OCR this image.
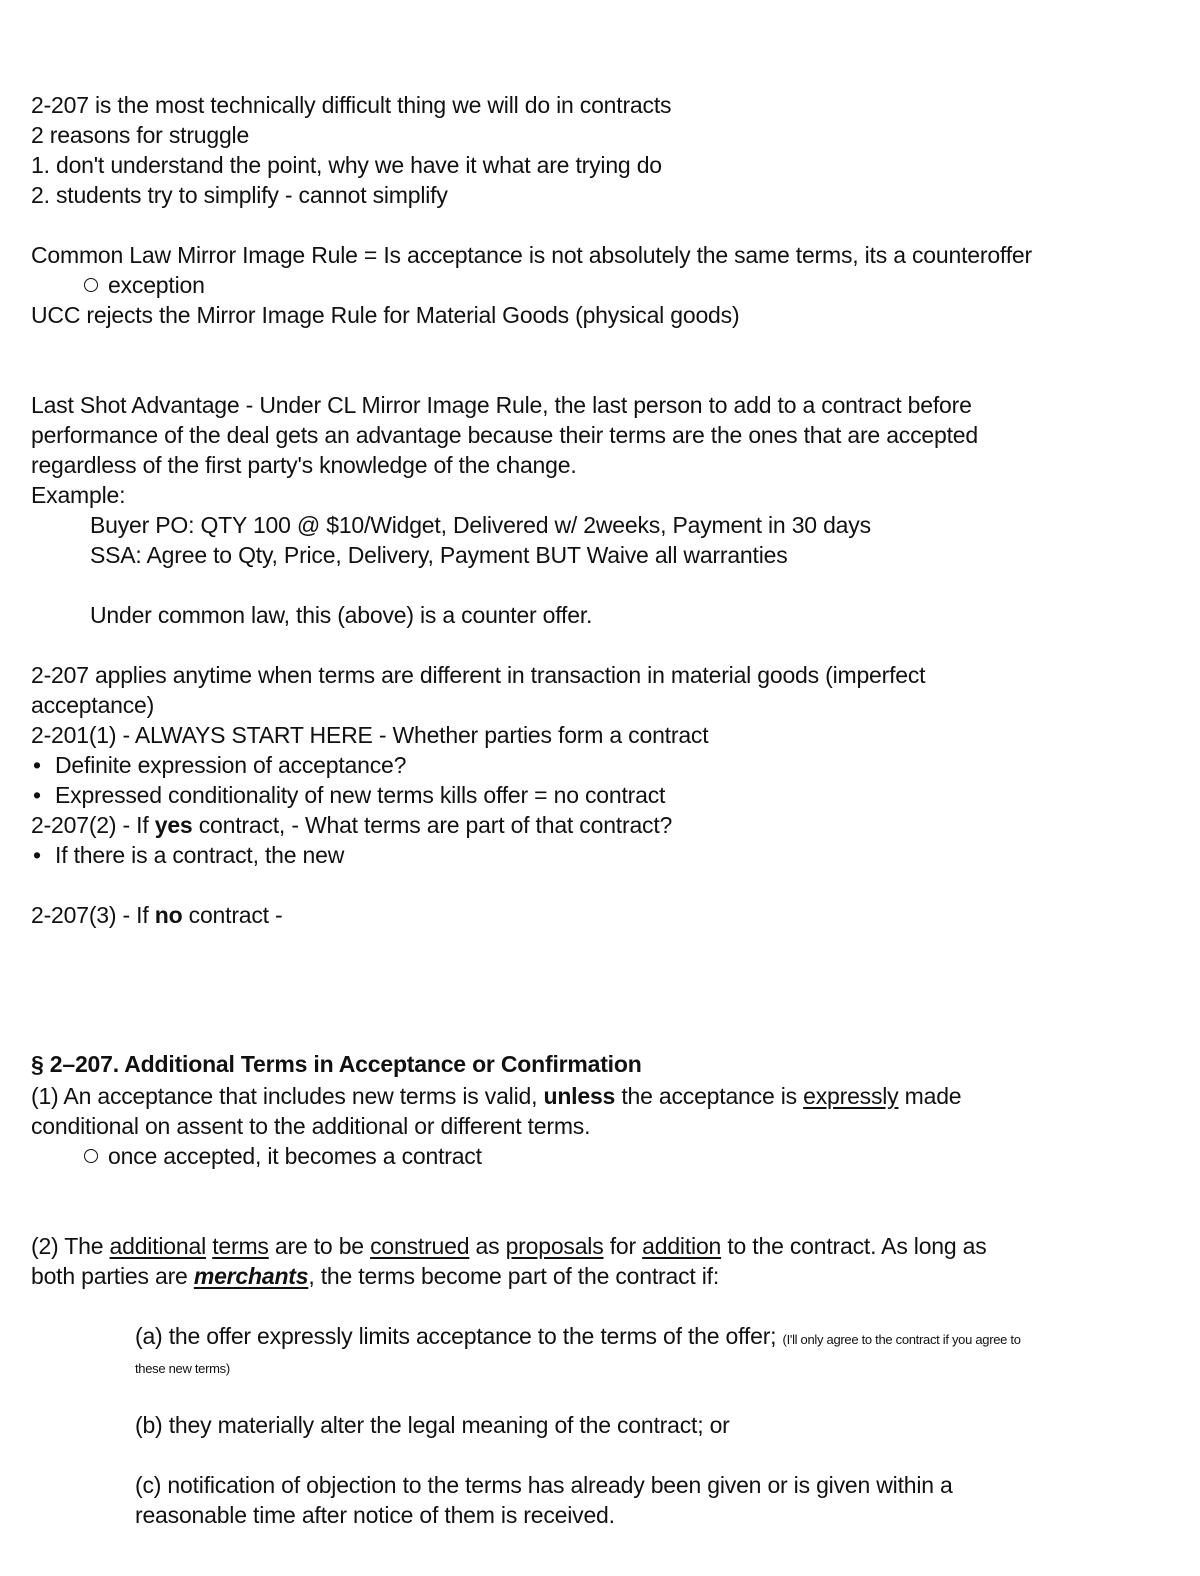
2-207 is the most technically difficult thing we will do in contracts
2 reasons for struggle
1. don't understand the point, why we have it what are trying do
2. students try to simplify - cannot simplify
Common Law Mirror Image Rule = Is acceptance is not absolutely the same terms, its a counteroffer
exception
UCC rejects the Mirror Image Rule for Material Goods (physical goods)
Last Shot Advantage - Under CL Mirror Image Rule, the last person to add to a contract before
performance of the deal gets an advantage because their terms are the ones that are accepted
regardless of the first party's knowledge of the change.
Example:
Buyer PO: QTY 100 @ $10/Widget, Delivered w/ 2weeks, Payment in 30 days
SSA: Agree to Qty, Price, Delivery, Payment BUT Waive all warranties
Under common law, this (above) is a counter offer.
2-207 applies anytime when terms are different in transaction in material goods (imperfect
acceptance)
2-201(1) - ALWAYS START HERE - Whether parties form a contract
• Definite expression of acceptance?
• Expressed conditionality of new terms kills offer = no contract
2-207(2) - If yes contract, - What terms are part of that contract?
• If there is a contract, the new
2-207(3) - If no contract -
§ 2–207. Additional Terms in Acceptance or Confirmation
(1) An acceptance that includes new terms is valid, unless the acceptance is expressly made
conditional on assent to the additional or different terms.
once accepted, it becomes a contract
(2) The additional terms are to be construed as proposals for addition to the contract. As long as
both parties are merchants, the terms become part of the contract if:
(a) the offer expressly limits acceptance to the terms of the offer; (I'll only agree to the contract if you agree to
these new terms)
(b) they materially alter the legal meaning of the contract; or
(c) notification of objection to the terms has already been given or is given within a
reasonable time after notice of them is received.
